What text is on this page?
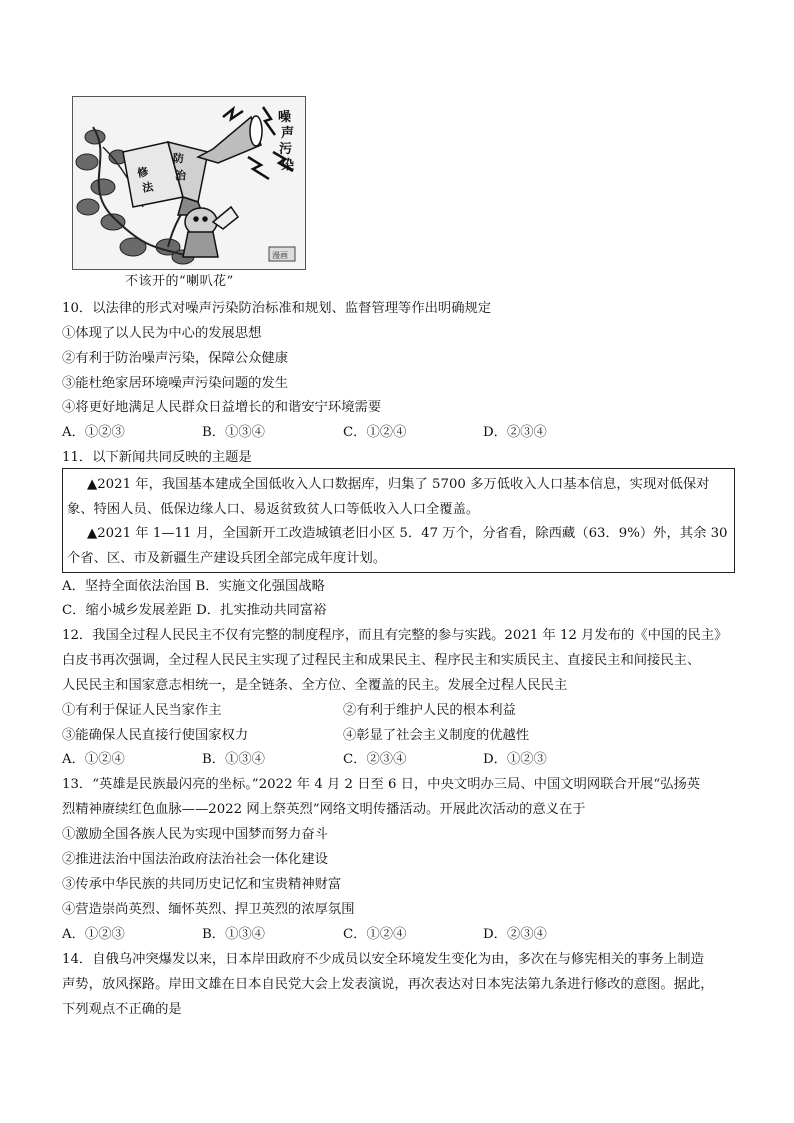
修
法
防
治
噪
声
污
染
漫画
不该开的“喇叭花”
10．以法律的形式对噪声污染防治标准和规划、监督管理等作出明确规定
①体现了以人民为中心的发展思想
②有利于防治噪声污染，保障公众健康
③能杜绝家居环境噪声污染问题的发生
④将更好地满足人民群众日益增长的和谐安宁环境需要
A．①②③	B．①③④	C．①②④	D．②③④
11．以下新闻共同反映的主题是
▲2021 年，我国基本建成全国低收入人口数据库，归集了 5700 多万低收入人口基本信息，实现对低保对
象、特困人员、低保边缘人口、易返贫致贫人口等低收入人口全覆盖。
▲2021 年 1—11 月，全国新开工改造城镇老旧小区 5．47 万个，分省看，除西藏（63．9%）外，其余 30
个省、区、市及新疆生产建设兵团全部完成年度计划。
A．坚持全面依法治国 B．实施文化强国战略
C．缩小城乡发展差距 D．扎实推动共同富裕
12．我国全过程人民民主不仅有完整的制度程序，而且有完整的参与实践。2021 年 12 月发布的《中国的民主》
白皮书再次强调，全过程人民民主实现了过程民主和成果民主、程序民主和实质民主、直接民主和间接民主、
人民民主和国家意志相统一，是全链条、全方位、全覆盖的民主。发展全过程人民民主
①有利于保证人民当家作主	②有利于维护人民的根本利益
③能确保人民直接行使国家权力	④彰显了社会主义制度的优越性
A．①②④	B．①③④	C．②③④	D．①②③
13．“英雄是民族最闪亮的坐标。”2022 年 4 月 2 日至 6 日，中央文明办三局、中国文明网联合开展“弘扬英
烈精神赓续红色血脉——2022 网上祭英烈”网络文明传播活动。开展此次活动的意义在于
①激励全国各族人民为实现中国梦而努力奋斗
②推进法治中国法治政府法治社会一体化建设
③传承中华民族的共同历史记忆和宝贵精神财富
④营造崇尚英烈、缅怀英烈、捍卫英烈的浓厚氛围
A．①②③	B．①③④	C．①②④	D．②③④
14．自俄乌冲突爆发以来，日本岸田政府不少成员以安全环境发生变化为由，多次在与修宪相关的事务上制造
声势，放风探路。岸田文雄在日本自民党大会上发表演说，再次表达对日本宪法第九条进行修改的意图。据此，
下列观点不正确的是
